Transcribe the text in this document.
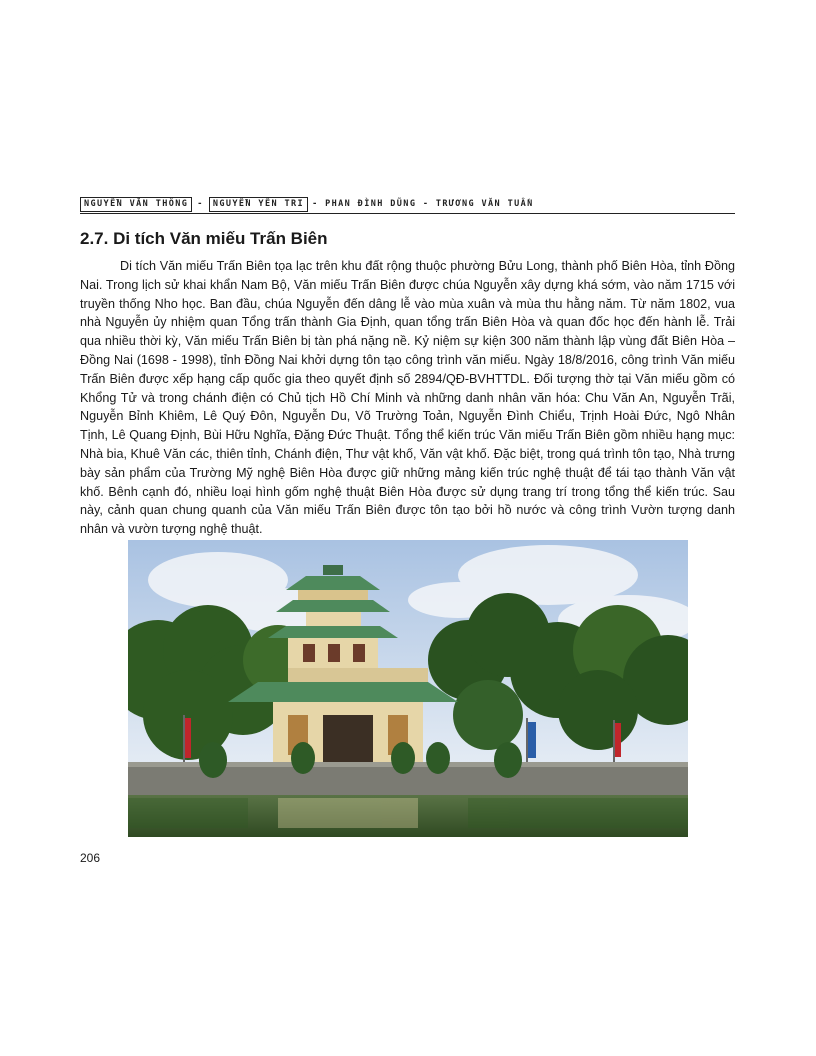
NGUYỄN VĂN THÔNG	-	NGUYỄN YÊN TRI - PHAN ĐÌNH DŨNG - TRƯƠNG VĂN TUẤN
2.7. Di tích Văn miếu Trấn Biên

Di tích Văn miếu Trấn Biên tọa lạc trên khu đất rộng thuộc phường Bửu Long, thành phố Biên Hòa, tỉnh Đồng Nai. Trong lịch sử khai khẩn Nam Bộ, Văn miếu Trấn Biên được chúa Nguyễn xây dựng khá sớm, vào năm 1715 với truyền thống Nho học. Ban đầu, chúa Nguyễn đến dâng lễ vào mùa xuân và mùa thu hằng năm. Từ năm 1802, vua nhà Nguyễn ủy nhiệm quan Tổng trấn thành Gia Định, quan tổng trấn Biên Hòa và quan đốc học đến hành lễ. Trải qua nhiều thời kỳ, Văn miếu Trấn Biên bị tàn phá nặng nề. Kỷ niệm sự kiện 300 năm thành lập vùng đất Biên Hòa – Đồng Nai (1698 - 1998), tỉnh Đồng Nai khởi dựng tôn tạo công trình văn miếu. Ngày 18/8/2016, công trình Văn miếu Trấn Biên được xếp hạng cấp quốc gia theo quyết định số 2894/QĐ-BVHTTDL. Đối tượng thờ tại Văn miếu gồm có Khổng Tử và trong chánh điện có Chủ tịch Hồ Chí Minh và những danh nhân văn hóa: Chu Văn An, Nguyễn Trãi, Nguyễn Bỉnh Khiêm, Lê Quý Đôn, Nguyễn Du, Võ Trường Toản, Nguyễn Đình Chiểu, Trịnh Hoài Đức, Ngô Nhân Tịnh, Lê Quang Định, Bùi Hữu Nghĩa, Đặng Đức Thuật. Tổng thể kiến trúc Văn miếu Trấn Biên gồm nhiều hạng mục: Nhà bia, Khuê Văn các, thiên tỉnh, Chánh điện, Thư vật khố, Văn vật khố. Đặc biệt, trong quá trình tôn tạo, Nhà trưng bày sản phẩm của Trường Mỹ nghệ Biên Hòa được giữ những mảng kiến trúc nghệ thuật để tái tạo thành Văn vật khố. Bênh cạnh đó, nhiều loại hình gốm nghệ thuật Biên Hòa được sử dụng trang trí trong tổng thể kiến trúc. Sau này, cảnh quan chung quanh của Văn miếu Trấn Biên được tôn tạo bởi hồ nước và công trình Vườn tượng danh nhân và vườn tượng nghệ thuật.

206
